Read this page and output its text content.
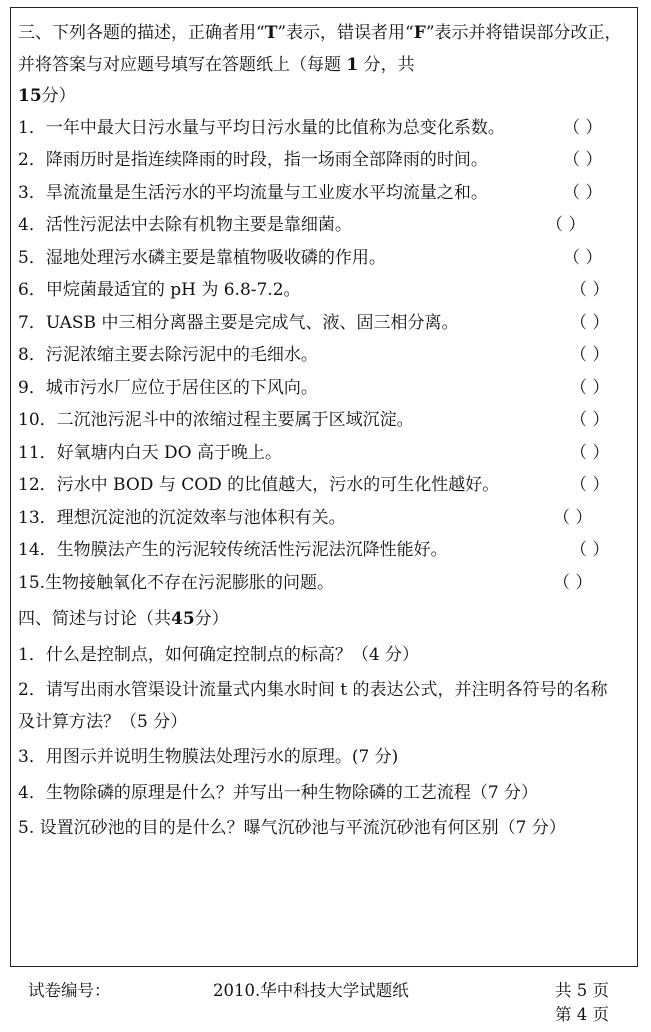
三、下列各题的描述，正确者用“T”表示，错误者用“F”表示并将错误部分改正，并将答案与对应题号填写在答题纸上（每题 1 分，共
15分）
1．一年中最大日污水量与平均日污水量的比值称为总变化系数。	（ ）
2．降雨历时是指连续降雨的时段，指一场雨全部降雨的时间。	（ ）
3．旱流流量是生活污水的平均流量与工业废水平均流量之和。	（ ）
4．活性污泥法中去除有机物主要是靠细菌。	（ ）
5．湿地处理污水磷主要是靠植物吸收磷的作用。	（ ）
6．甲烷菌最适宜的 pH 为 6.8-7.2。	（ ）
7．UASB 中三相分离器主要是完成气、液、固三相分离。	（ ）
8．污泥浓缩主要去除污泥中的毛细水。	（ ）
9．城市污水厂应位于居住区的下风向。	（ ）
10．二沉池污泥斗中的浓缩过程主要属于区域沉淀。	（ ）
11．好氧塘内白天 DO 高于晚上。	（ ）
12．污水中 BOD 与 COD 的比值越大，污水的可生化性越好。	（ ）
13．理想沉淀池的沉淀效率与池体积有关。	（ ）
14．生物膜法产生的污泥较传统活性污泥法沉降性能好。	（ ）
15.生物接触氧化不存在污泥膨胀的问题。	（ ）
四、简述与讨论（共45分）
1．什么是控制点，如何确定控制点的标高？（4 分）
2．请写出雨水管渠设计流量式内集水时间 t 的表达公式，并注明各符号的名称及计算方法？（5 分）
3．用图示并说明生物膜法处理污水的原理。(7 分)
4．生物除磷的原理是什么？并写出一种生物除磷的工艺流程（7 分）
5. 设置沉砂池的目的是什么？曝气沉砂池与平流沉砂池有何区别（7 分）
试卷编号：	2010.华中科技大学试题纸	共 5 页
第 4 页
